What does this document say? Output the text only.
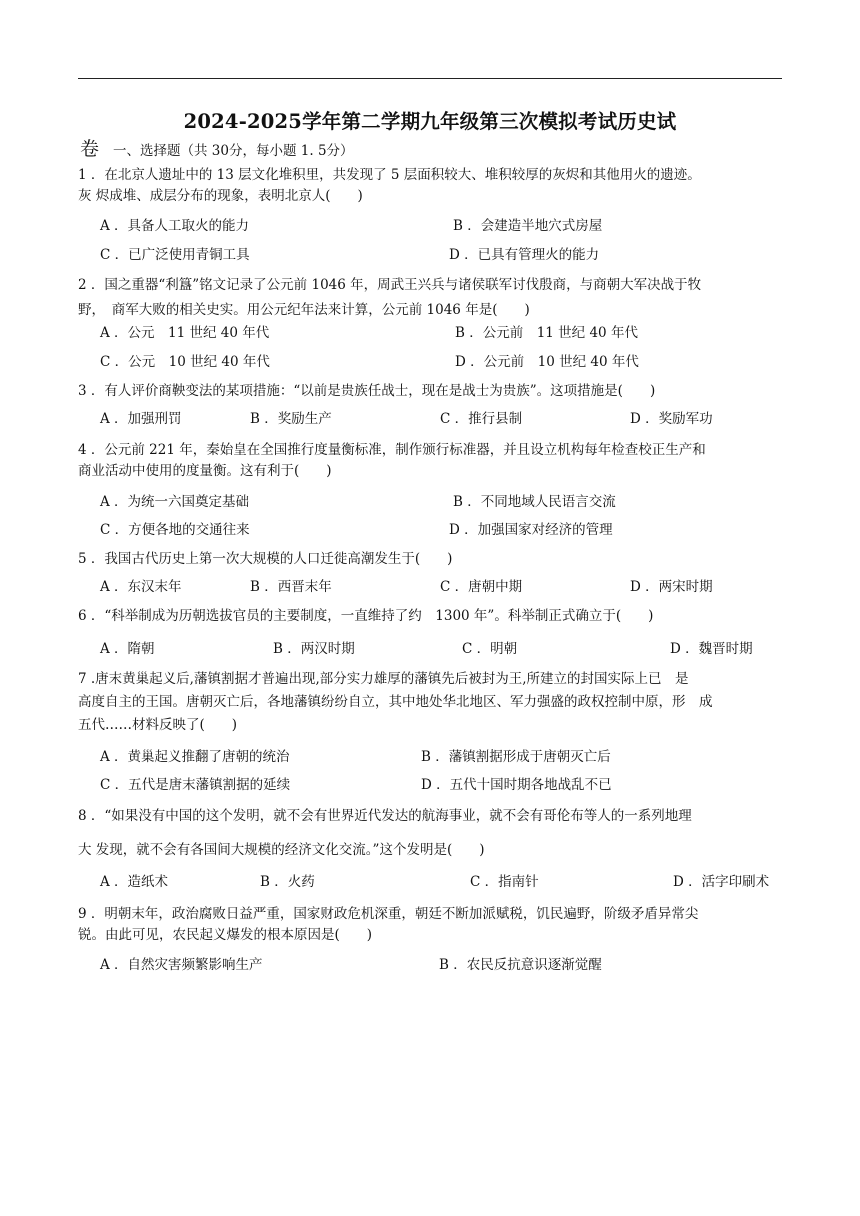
2024-2025学年第二学期九年级第三次模拟考试历史试
卷 一、选择题（共 30分，每小题 1. 5分）
1 ．在北京人遗址中的 13 层文化堆积里，共发现了 5 层面积较大、堆积较厚的灰烬和其他用火的遗迹。
灰 烬成堆、成层分布的现象，表明北京人(　　)
A ．具备人工取火的能力	B ．会建造半地穴式房屋
C ．已广泛使用青铜工具	D ．已具有管理火的能力
2 ．国之重器“利簋”铭文记录了公元前 1046 年，周武王兴兵与诸侯联军讨伐殷商，与商朝大军决战于牧
野，　商军大败的相关史实。用公元纪年法来计算，公元前 1046 年是(　　)
A ．公元　11 世纪 40 年代	B ．公元前　11 世纪 40 年代
C ．公元　10 世纪 40 年代	D ．公元前　10 世纪 40 年代
3 ．有人评价商鞅变法的某项措施：“以前是贵族任战士，现在是战士为贵族”。这项措施是(　　)
A ．加强刑罚	B ．奖励生产	C ．推行县制	D ．奖励军功
4 ．公元前 221 年，秦始皇在全国推行度量衡标准，制作颁行标准器，并且设立机构每年检查校正生产和
商业活动中使用的度量衡。这有利于(　　)
A ．为统一六国奠定基础	B ．不同地域人民语言交流
C ．方便各地的交通往来	D ．加强国家对经济的管理
5 ．我国古代历史上第一次大规模的人口迁徙高潮发生于(　　)
A ．东汉末年	B ．西晋末年	C ．唐朝中期	D ．两宋时期
6 ．“科举制成为历朝选拔官员的主要制度，一直维持了约　1300 年”。科举制正式确立于(　　)
A ．隋朝	B ．两汉时期	C ．明朝	D ．魏晋时期
7 .唐末黄巢起义后,藩镇割据才普遍出现,部分实力雄厚的藩镇先后被封为王,所建立的封国实际上已　是
高度自主的王国。唐朝灭亡后，各地藩镇纷纷自立，其中地处华北地区、军力强盛的政权控制中原，形　成
五代……材料反映了(　　)
A ．黄巢起义推翻了唐朝的统治	B ．藩镇割据形成于唐朝灭亡后
C ．五代是唐末藩镇割据的延续	D ．五代十国时期各地战乱不已
8 ．“如果没有中国的这个发明，就不会有世界近代发达的航海事业，就不会有哥伦布等人的一系列地理
大 发现，就不会有各国间大规模的经济文化交流。”这个发明是(　　)
A ．造纸术	B ．火药	C ．指南针	D ．活字印刷术
9 ．明朝末年，政治腐败日益严重，国家财政危机深重，朝廷不断加派赋税，饥民遍野，阶级矛盾异常尖
锐。由此可见，农民起义爆发的根本原因是(　　)
A ．自然灾害频繁影响生产	B ．农民反抗意识逐渐觉醒
